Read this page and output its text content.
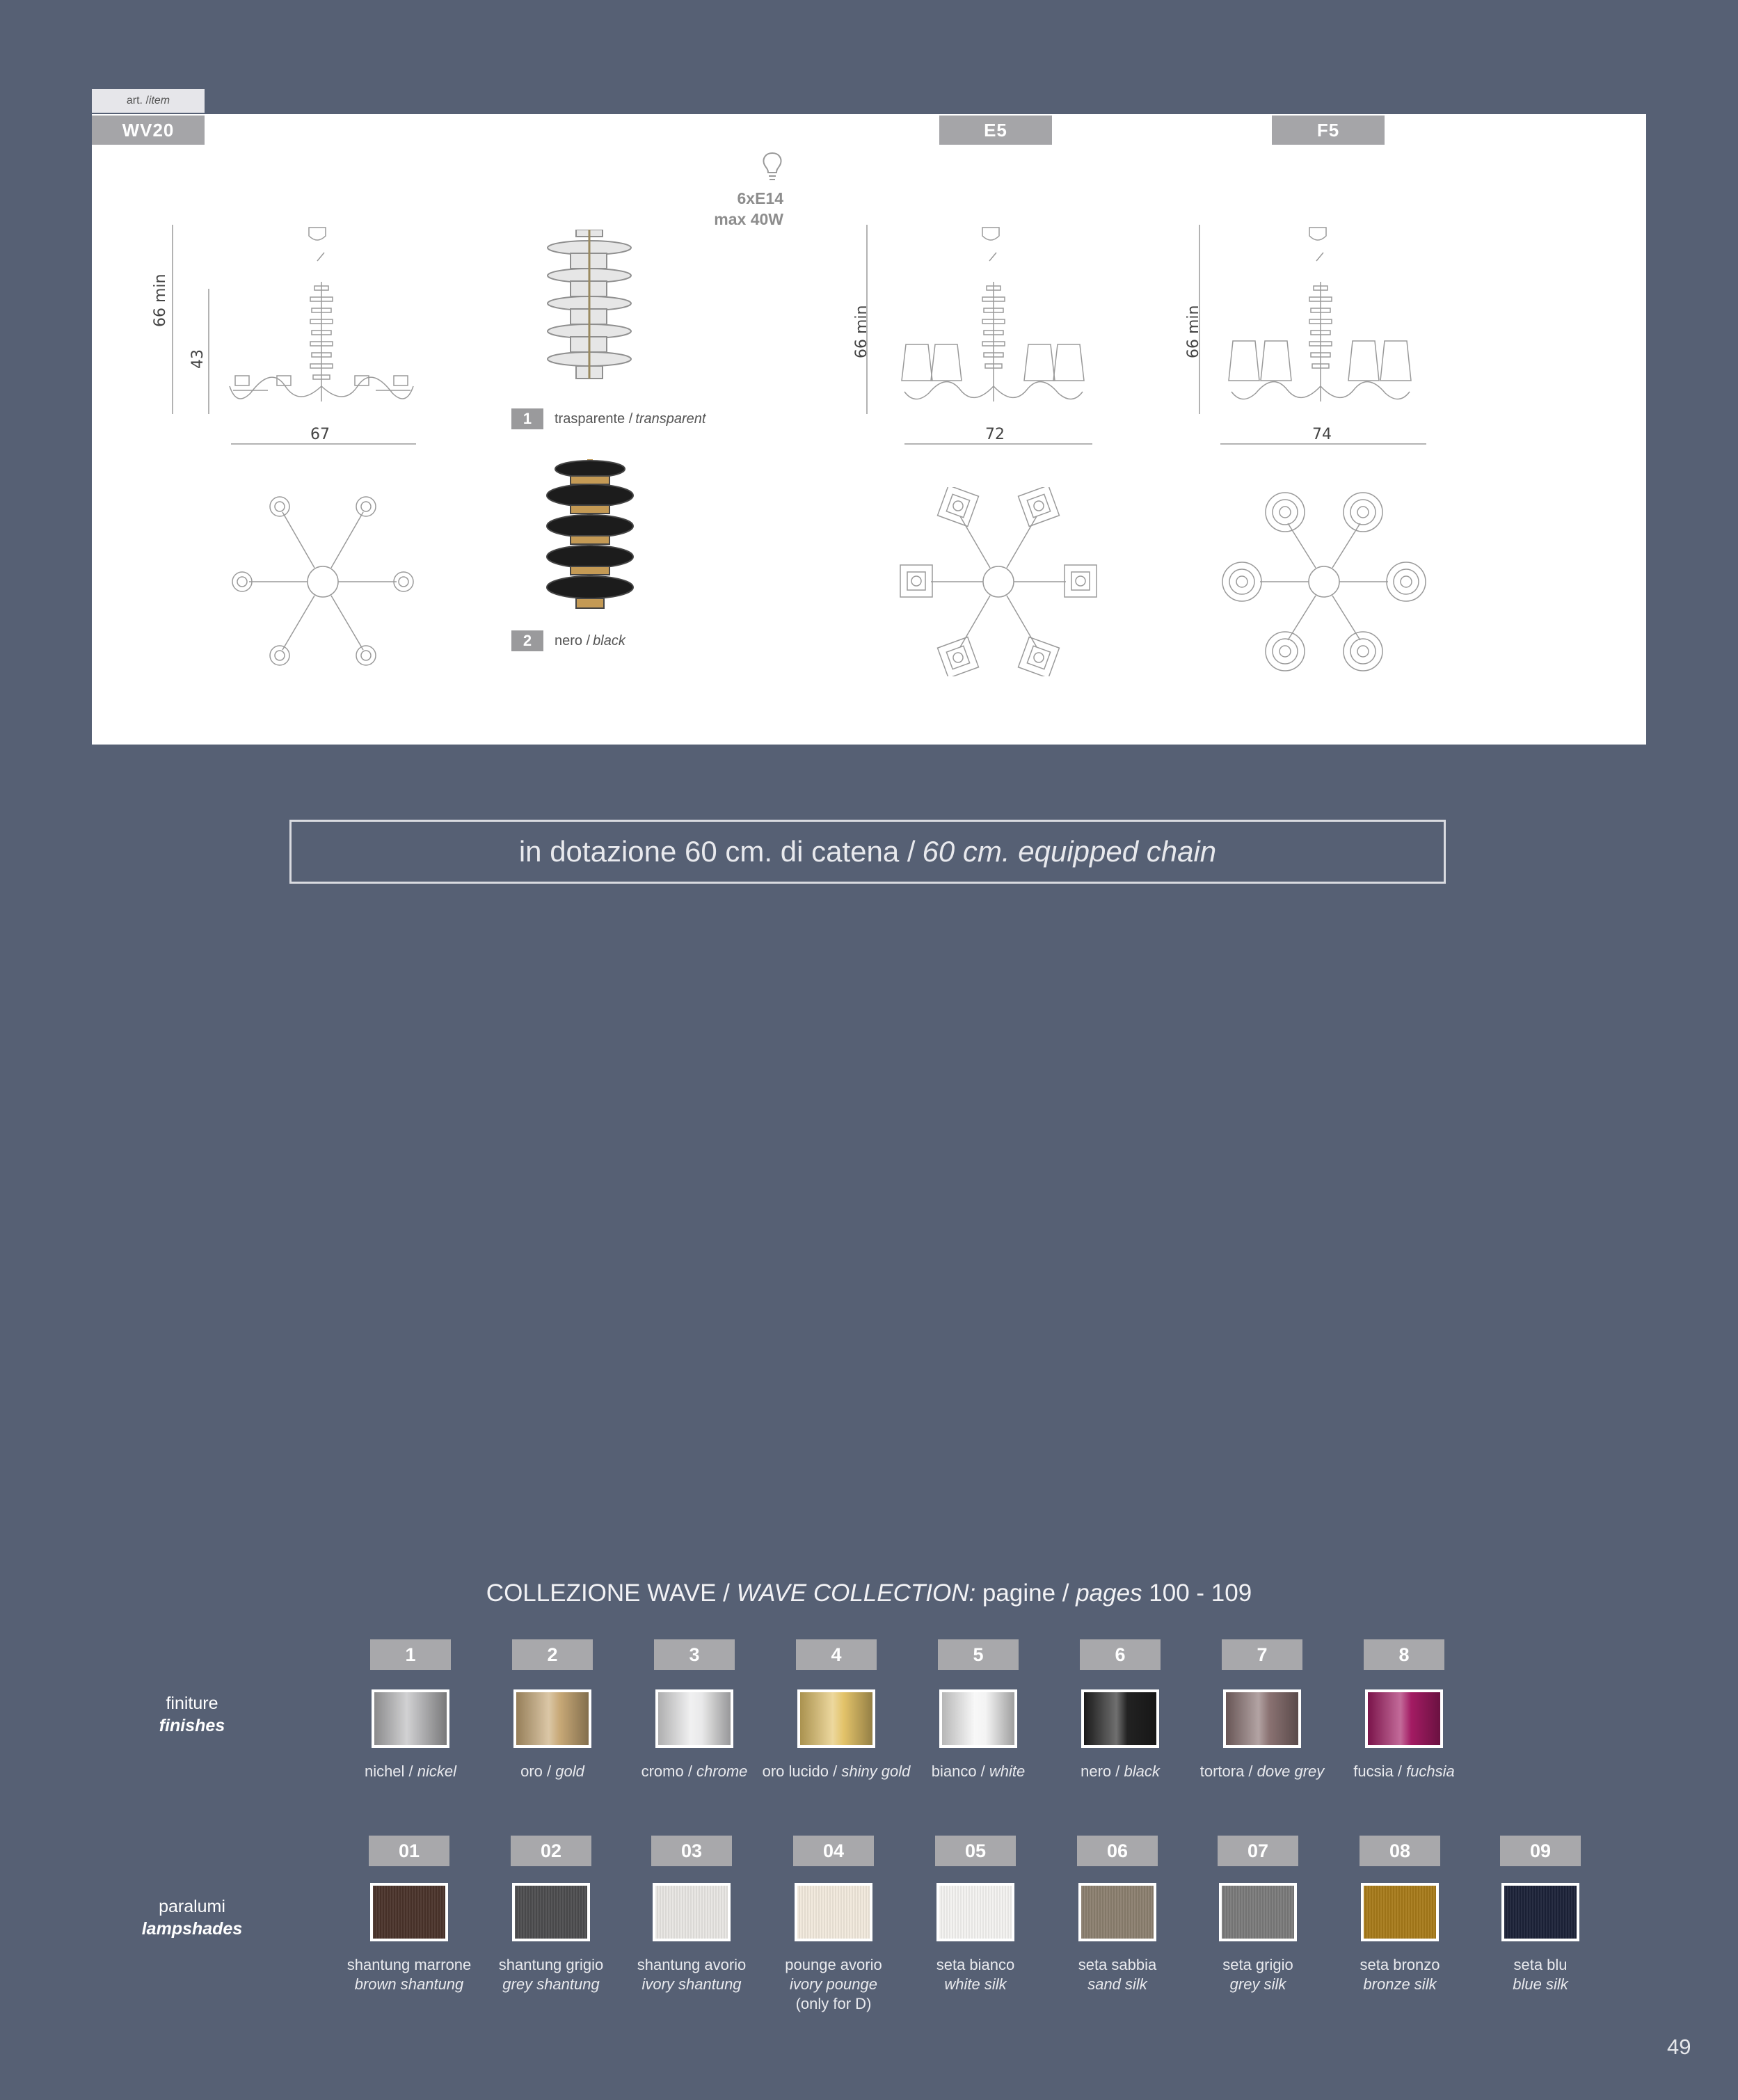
art. / item
WV20	E5	F5
6xE14
max 40W
66 min
43
67
1	trasparente / transparent
2	nero / black
66 min
72
66 min
74
in dotazione 60 cm. di catena / 60 cm. equipped chain
COLLEZIONE WAVE / WAVE COLLECTION: pagine / pages 100 - 109
finiture
finishes
1
nichel / nickel
2
oro / gold
3
cromo / chrome
4
oro lucido / shiny gold
5
bianco / white
6
nero / black
7
tortora / dove grey
8
fucsia / fuchsia
paralumi
lampshades
01
shantung marrone
brown shantung
02
shantung grigio
grey shantung
03
shantung avorio
ivory shantung
04
pounge avorio
ivory pounge
(only for D)
05
seta bianco
white silk
06
seta sabbia
sand silk
07
seta grigio
grey silk
08
seta bronzo
bronze silk
09
seta blu
blue silk
49
